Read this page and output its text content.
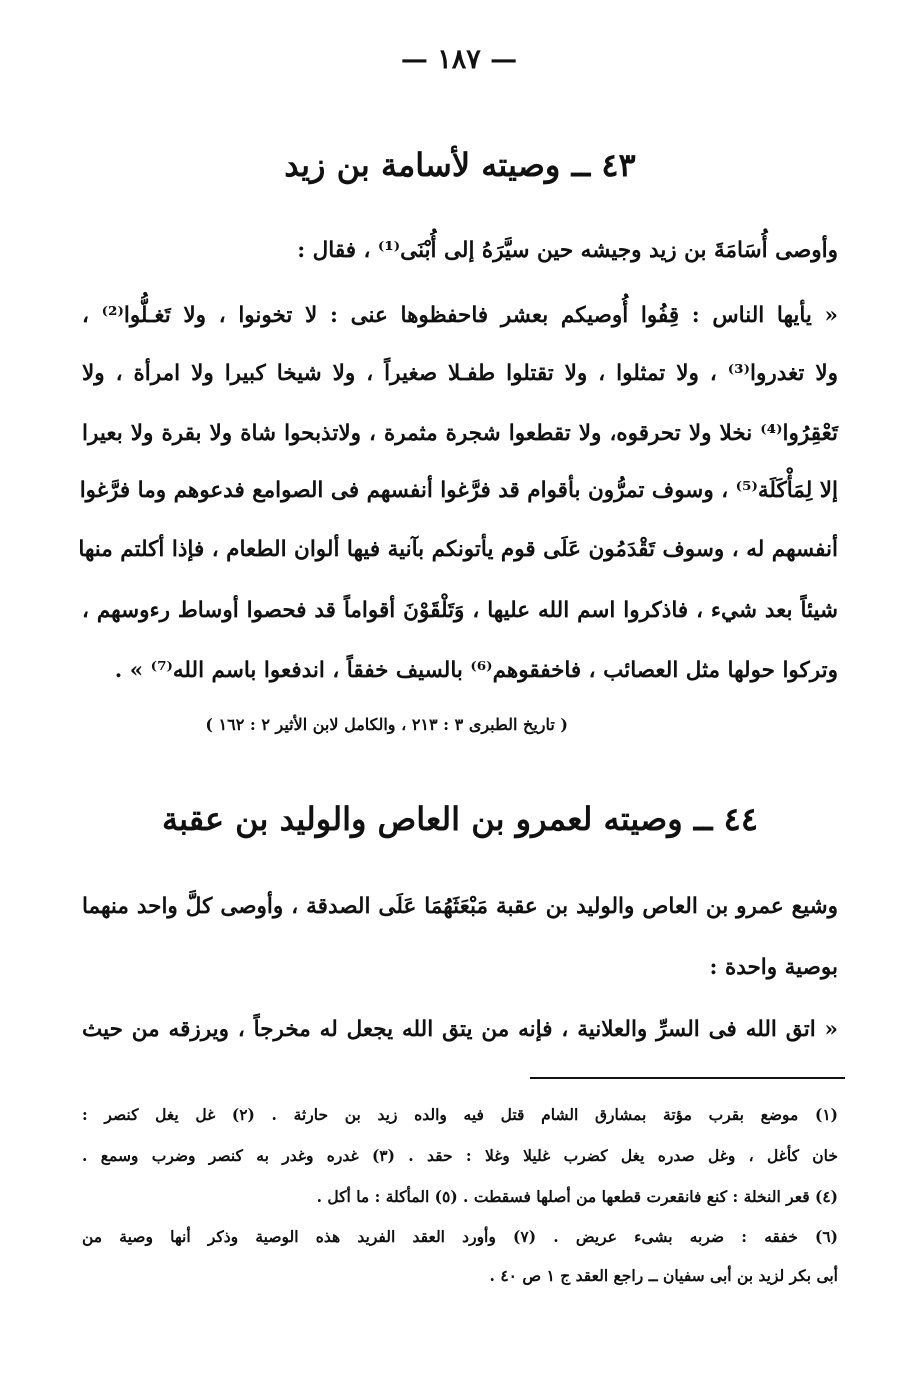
— ١٨٧ —
٤٣ ــ وصيته لأسامة بن زيد
وأوصى أُسَامَةَ بن زيد وجيشه حين سيَّرَهُ إلى أُبْنَى⁽¹⁾ ، فقال :
« يأيها الناس : قِفُوا أُوصيكم بعشر فاحفظوها عنى : لا تخونوا ، ولا تَغـلُّوا⁽²⁾ ،
ولا تغدروا⁽³⁾ ، ولا تمثلوا ، ولا تقتلوا طفـلا صغيراً ، ولا شيخا كبيرا ولا امرأة ، ولا
تَعْقِرُوا⁽⁴⁾ نخلا ولا تحرقوه، ولا تقطعوا شجرة مثمرة ، ولاتذبحوا شاة ولا بقرة ولا بعيرا
إلا لِمَأْكَلَة⁽⁵⁾ ، وسوف تمرُّون بأقوام قد فرَّغوا أنفسهم فى الصوامع فدعوهم وما فرَّغوا
أنفسهم له ، وسوف تَقْدَمُون عَلَى قوم يأتونكم بآنية فيها ألوان الطعام ، فإذا أكلتم منها
شيئاً بعد شيء ، فاذكروا اسم الله عليها ، وَتَلْقَوْنَ أقواماً قد فحصوا أوساط رءوسهم ،
وتركوا حولها مثل العصائب ، فاخفقوهم⁽⁶⁾ بالسيف خفقاً ، اندفعوا باسم الله⁽⁷⁾ » .
( تاريخ الطبرى ٣ : ٢١٣ ، والكامل لابن الأثير ٢ : ١٦٢ )
٤٤ ــ وصيته لعمرو بن العاص والوليد بن عقبة
وشيع عمرو بن العاص والوليد بن عقبة مَبْعَثَهُمَا عَلَى الصدقة ، وأوصى كلَّ واحد منهما
بوصية واحدة :
« اتق الله فى السرِّ والعلانية ، فإنه من يتق الله يجعل له مخرجاً ، ويرزقه من حيث
(١) موضع بقرب مؤتة بمشارق الشام قتل فيه والده زيد بن حارثة . (٢) غل يغل كنصر :
خان كأغل ، وغل صدره يغل كضرب غليلا وغلا : حقد . (٣) غدره وغدر به كنصر وضرب وسمع .
(٤) قعر النخلة : كنع فانقعرت قطعها من أصلها فسقطت . (٥) المأكلة : ما أكل .
(٦) خفقه : ضربه بشىء عريض . (٧) وأورد العقد الفريد هذه الوصية وذكر أنها وصية من
أبى بكر لزيد بن أبى سفيان ــ راجع العقد ج ١ ص ٤٠ .
